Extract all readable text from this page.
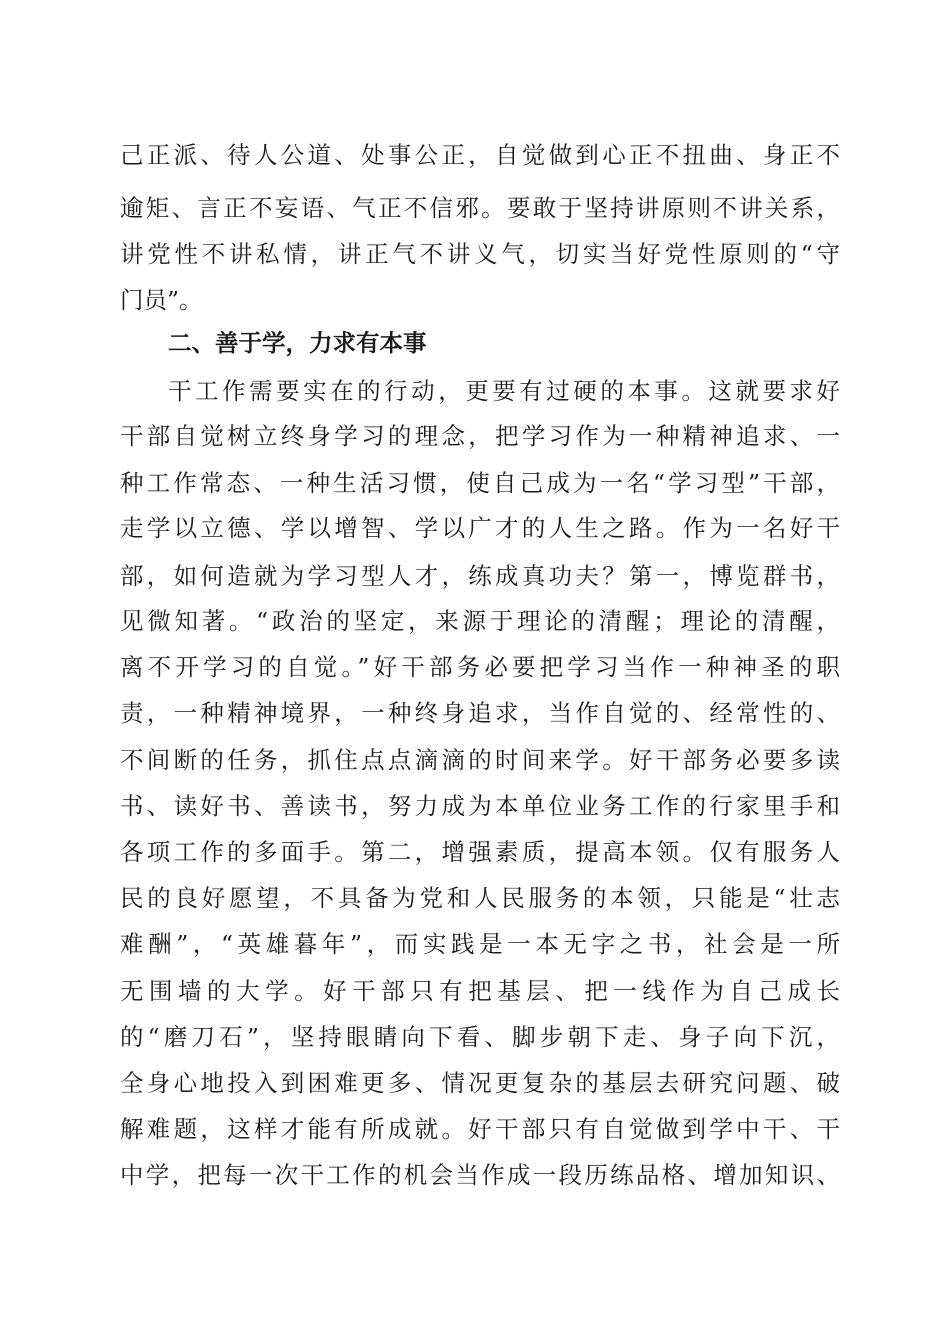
己正派、待人公道、处事公正，自觉做到心正不扭曲、身正不
逾矩、言正不妄语、气正不信邪。要敢于坚持讲原则不讲关系，
讲党性不讲私情，讲正气不讲义气，切实当好党性原则的“守
门员”。
二、善于学，力求有本事
干工作需要实在的行动，更要有过硬的本事。这就要求好
干部自觉树立终身学习的理念，把学习作为一种精神追求、一
种工作常态、一种生活习惯，使自己成为一名“学习型”干部，
走学以立德、学以增智、学以广才的人生之路。作为一名好干
部，如何造就为学习型人才，练成真功夫？第一，博览群书，
见微知著。“政治的坚定，来源于理论的清醒；理论的清醒，
离不开学习的自觉。”好干部务必要把学习当作一种神圣的职
责，一种精神境界，一种终身追求，当作自觉的、经常性的、
不间断的任务，抓住点点滴滴的时间来学。好干部务必要多读
书、读好书、善读书，努力成为本单位业务工作的行家里手和
各项工作的多面手。第二，增强素质，提高本领。仅有服务人
民的良好愿望，不具备为党和人民服务的本领，只能是“壮志
难酬”，“英雄暮年”，而实践是一本无字之书，社会是一所
无围墙的大学。好干部只有把基层、把一线作为自己成长
的“磨刀石”，坚持眼睛向下看、脚步朝下走、身子向下沉，
全身心地投入到困难更多、情况更复杂的基层去研究问题、破
解难题，这样才能有所成就。好干部只有自觉做到学中干、干
中学，把每一次干工作的机会当作成一段历练品格、增加知识、
